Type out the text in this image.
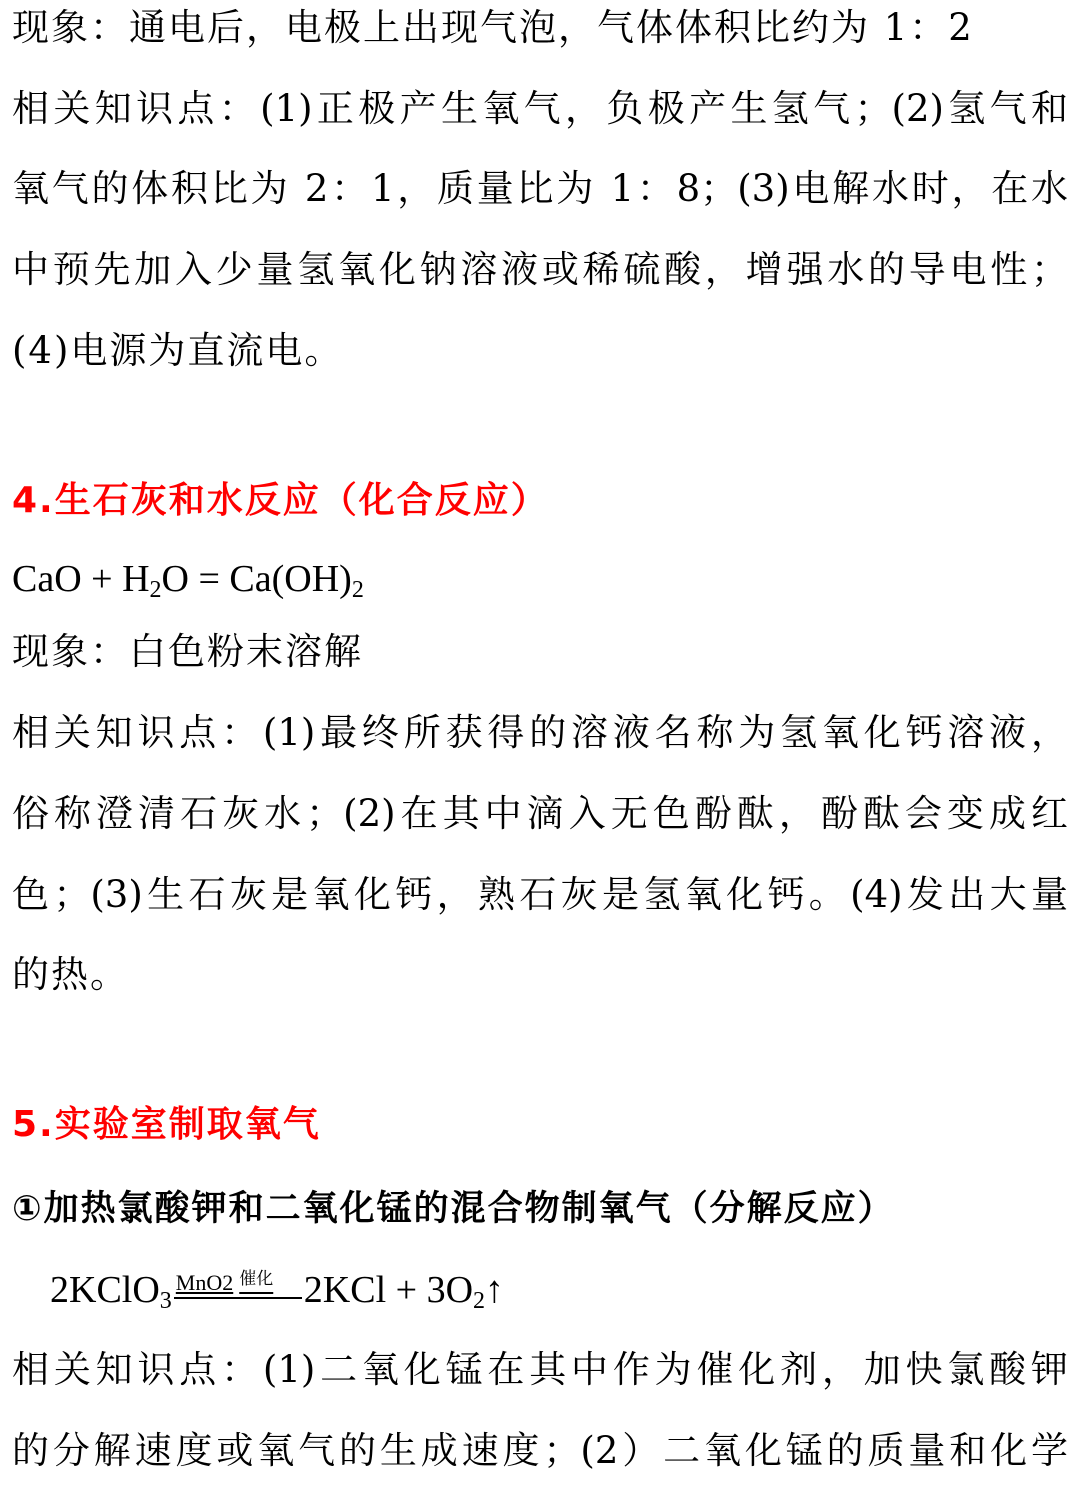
现象：通电后，电极上出现气泡，气体体积比约为 1：2
相关知识点：(1)正极产生氧气，负极产生氢气；(2)氢气和
氧气的体积比为 2：1，质量比为 1：8；(3)电解水时，在水
中预先加入少量氢氧化钠溶液或稀硫酸，增强水的导电性；
(4)电源为直流电。
4.生石灰和水反应（化合反应）
CaO + $H_2O = Ca(OH)_2$
现象：白色粉末溶解
相关知识点：(1)最终所获得的溶液名称为氢氧化钙溶液，
俗称澄清石灰水；(2)在其中滴入无色酚酞，酚酞会变成红
色；(3)生石灰是氧化钙，熟石灰是氢氧化钙。(4)发出大量
的热。
5.实验室制取氧气
①加热氯酸钾和二氧化锰的混合物制氧气（分解反应）
2KClO$_3$
MnO2 $^{催化}$ $2KCl + 3O_2↑$
相关知识点：(1)二氧化锰在其中作为催化剂，加快氯酸钾
的分解速度或氧气的生成速度；(2）二氧化锰的质量和化学
